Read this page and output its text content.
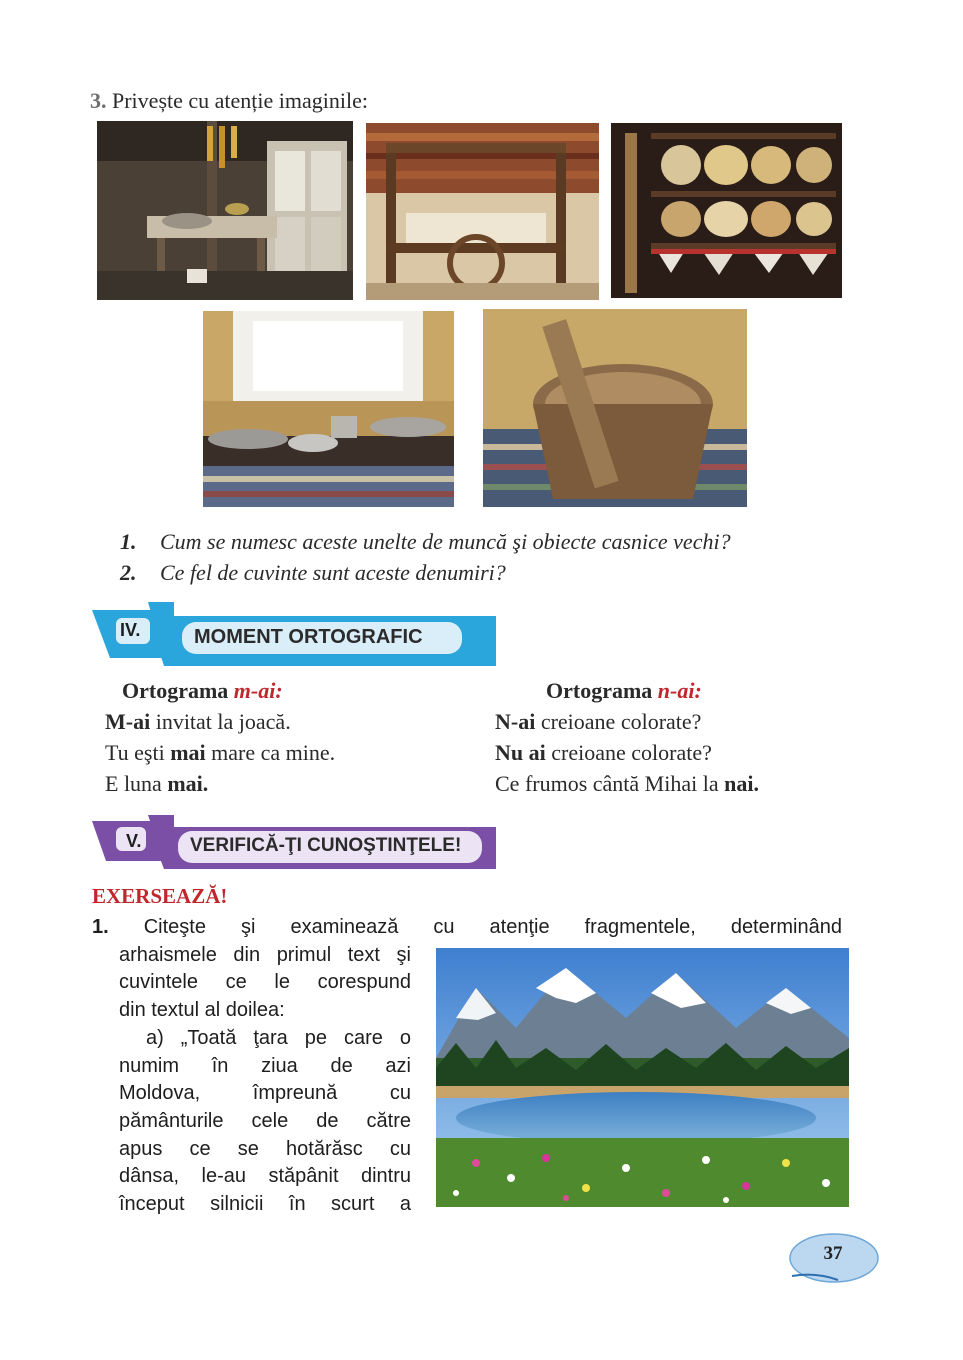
3. Privește cu atenție imaginile:
1. Cum se numesc aceste unelte de muncă şi obiecte casnice vechi?
2. Ce fel de cuvinte sunt aceste denumiri?
IV.	MOMENT ORTOGRAFIC
Ortograma m-ai:
M-ai invitat la joacă.
Tu eşti mai mare ca mine.
E luna mai.
Ortograma n-ai:
N-ai creioane colorate?
Nu ai creioane colorate?
Ce frumos cântă Mihai la nai.
V.	VERIFICĂ-ŢI CUNOŞTINŢELE!
EXERSEAZĂ!
1. Citeşte şi examinează cu atenţie fragmentele, determinând
arhaismele din primul text şi
cuvintele ce le corespund
din textul al doilea:
a) „Toată ţara pe care o
numim în ziua de azi
Moldova, împreună cu
pământurile cele de către
apus ce se hotărăsc cu
dânsa, le-au stăpânit dintru
început silnicii în scurt a
37
